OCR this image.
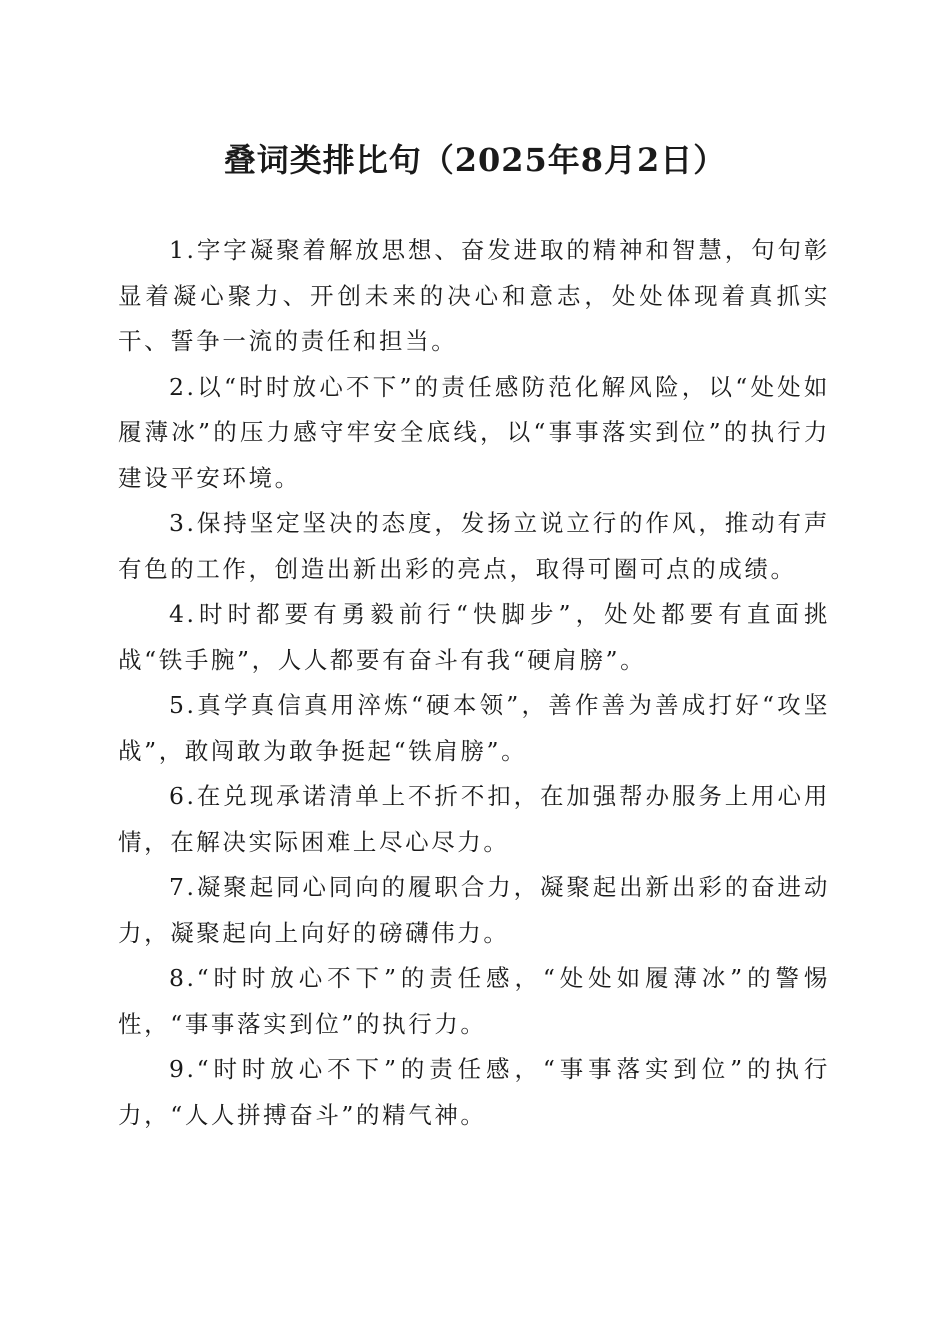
叠词类排比句（2025年8月2日）

1.字字凝聚着解放思想、奋发进取的精神和智慧，句句彰显着凝心聚力、开创未来的决心和意志，处处体现着真抓实干、誓争一流的责任和担当。

2.以“时时放心不下”的责任感防范化解风险，以“处处如履薄冰”的压力感守牢安全底线，以“事事落实到位”的执行力建设平安环境。

3.保持坚定坚决的态度，发扬立说立行的作风，推动有声有色的工作，创造出新出彩的亮点，取得可圈可点的成绩。

4.时时都要有勇毅前行“快脚步”，处处都要有直面挑战“铁手腕”，人人都要有奋斗有我“硬肩膀”。

5.真学真信真用淬炼“硬本领”，善作善为善成打好“攻坚战”，敢闯敢为敢争挺起“铁肩膀”。

6.在兑现承诺清单上不折不扣，在加强帮办服务上用心用情，在解决实际困难上尽心尽力。

7.凝聚起同心同向的履职合力，凝聚起出新出彩的奋进动力，凝聚起向上向好的磅礴伟力。

8.“时时放心不下”的责任感，“处处如履薄冰”的警惕性，“事事落实到位”的执行力。

9.“时时放心不下”的责任感，“事事落实到位”的执行力，“人人拼搏奋斗”的精气神。
